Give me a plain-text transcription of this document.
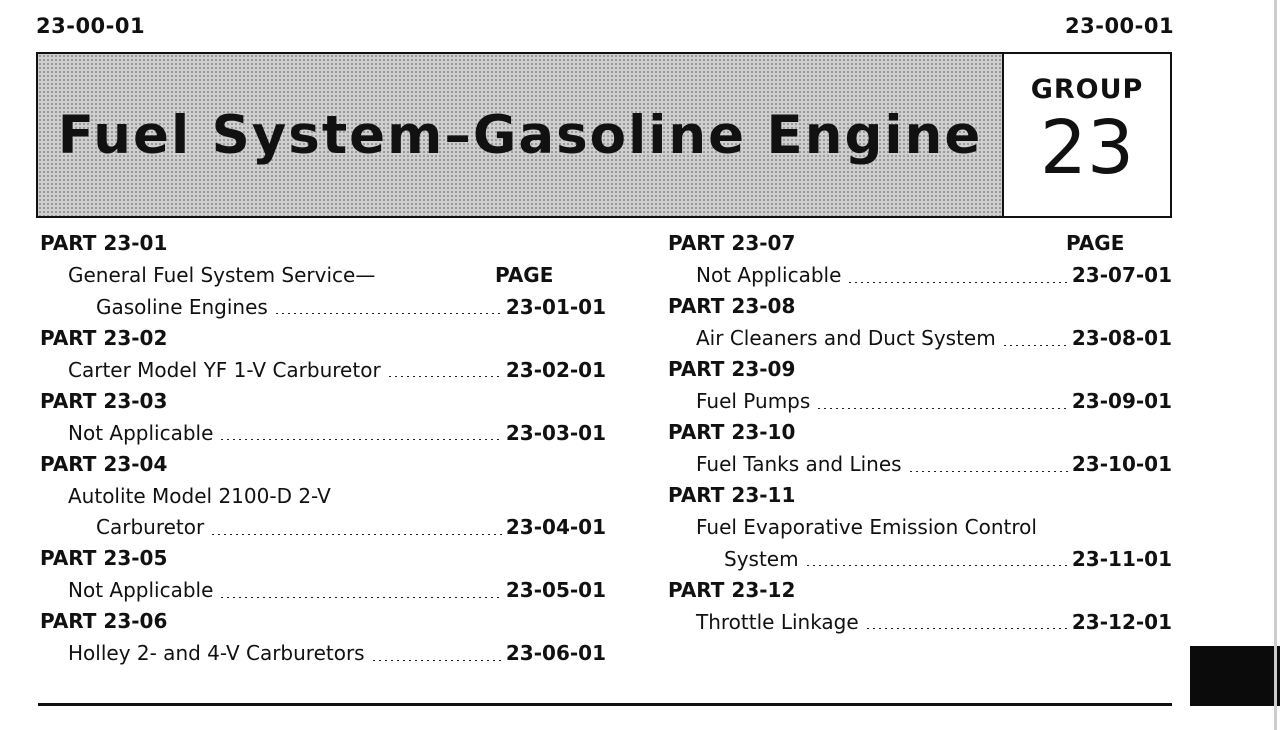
23-00-01	23-00-01
Fuel System–Gasoline Engine
GROUP
23
PART 23-01
General Fuel System Service—	PAGE
Gasoline Engines	23-01-01
PART 23-02
Carter Model YF 1-V Carburetor	23-02-01
PART 23-03
Not Applicable	23-03-01
PART 23-04
Autolite Model 2100-D 2-V
Carburetor	23-04-01
PART 23-05
Not Applicable	23-05-01
PART 23-06
Holley 2- and 4-V Carburetors	23-06-01
PART 23-07	PAGE
Not Applicable	23-07-01
PART 23-08
Air Cleaners and Duct System	23-08-01
PART 23-09
Fuel Pumps	23-09-01
PART 23-10
Fuel Tanks and Lines	23-10-01
PART 23-11
Fuel Evaporative Emission Control
System	23-11-01
PART 23-12
Throttle Linkage	23-12-01
